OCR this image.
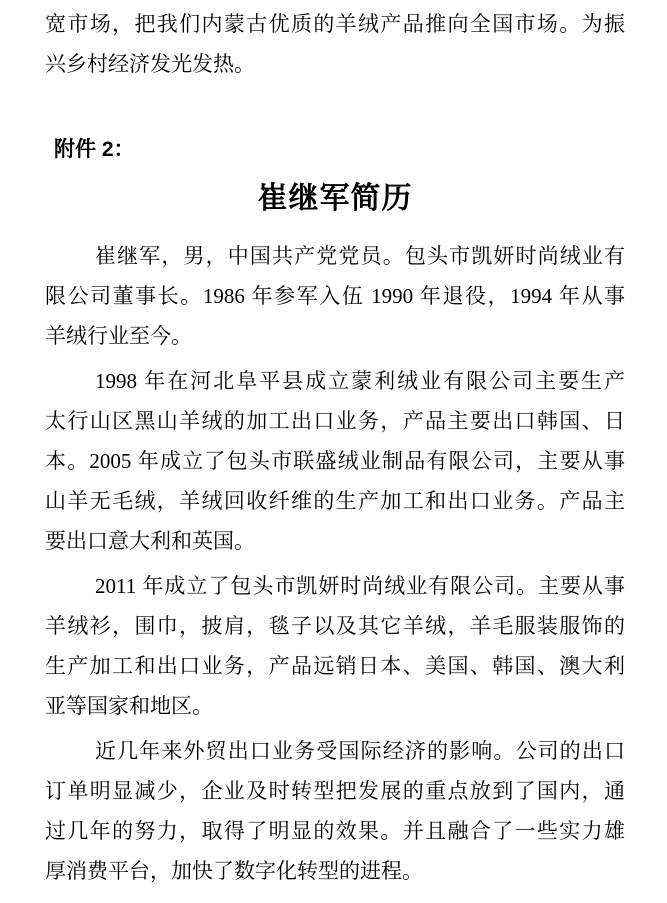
宽市场，把我们内蒙古优质的羊绒产品推向全国市场。为振
兴乡村经济发光发热。
附件 2：
崔继军简历
崔继军，男，中国共产党党员。包头市凯妍时尚绒业有
限公司董事长。1986 年参军入伍 1990 年退役，1994 年从事
羊绒行业至今。
1998 年在河北阜平县成立蒙利绒业有限公司主要生产
太行山区黑山羊绒的加工出口业务，产品主要出口韩国、日
本。2005 年成立了包头市联盛绒业制品有限公司，主要从事
山羊无毛绒，羊绒回收纤维的生产加工和出口业务。产品主
要出口意大利和英国。
2011 年成立了包头市凯妍时尚绒业有限公司。主要从事
羊绒衫，围巾，披肩，毯子以及其它羊绒，羊毛服装服饰的
生产加工和出口业务，产品远销日本、美国、韩国、澳大利
亚等国家和地区。
近几年来外贸出口业务受国际经济的影响。公司的出口
订单明显减少，企业及时转型把发展的重点放到了国内，通
过几年的努力，取得了明显的效果。并且融合了一些实力雄
厚消费平台，加快了数字化转型的进程。
